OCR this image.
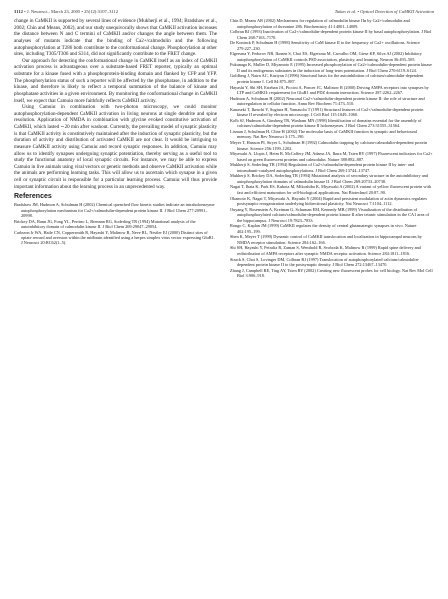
3112 • J. Neurosci., March 23, 2005 • 25(12):3107–3112	Takao et al. • Optical Detection of CaMKII Activation

change in CaMKII is supported by several lines of evidence (Mukherji et al., 1994; Bradshaw et al., 2002; Chin and Means, 2002), and our study unequivocally shows that CaMKII activation increases the distance between N and C termini of CaMKII and/or changes the angle between them. The analyses of mutants indicate that the binding of Ca2+/calmodulin and the following autophosphorylation at T286 both contribute to the conformational change. Phosphorylation at other sites, including T305/T306 and S314, did not significantly contribute to the FRET change.

Our approach for detecting the conformational change in CaMKII itself as an index of CaMKII activation process is advantageous over a substrate-based FRET reporter, typically an optimal substrate for a kinase fused with a phosphoprotein-binding domain and flanked by CFP and YFP. The phosphorylation status of such a reporter will be affected by the phosphatase, in addition to the kinase, and therefore is likely to reflect a temporal summation of the balance of kinase and phosphatase activities in a given environment. By monitoring the conformational change in CaMKII itself, we expect that Camuiα more faithfully reflects CaMKII activity.

Using Camuiα in combination with two-photon microscopy, we could monitor autophosphorylation-dependent CaMKII activation in living neurons at single dendrite and spine resolution. Application of NMDA in combination with glycine evoked constitutive activation of CaMKII, which lasted ∼20 min after washout. Currently, the prevailing model of synaptic plasticity is that CaMKII activity is constitutively maintained after the induction of synaptic plasticity, but the duration of activity and distribution of activated CaMKII are not clear. It would be intriguing to measure CaMKII activity using Camuiα and record synaptic responses. In addition, Camuiα may allow us to identify synapses undergoing synaptic potentiation, thereby serving as a useful tool to study the functional anatomy of local synaptic circuits. For instance, we may be able to express Camuiα in live animals using viral vectors or genetic methods and observe CaMKII activation while the animals are performing learning tasks. This will allow us to ascertain which synapse in a given cell or synaptic circuit is responsible for a particular learning process. Camuiα will thus provide important information about the learning process in an unprecedented way.

References

Bradshaw JM, Hudmon A, Schulman H (2002) Chemical quenched flow kinetic studies indicate an intraholoenzyme autophosphorylation mechanism for Ca2+/calmodulin-dependent protein kinase II. J Biol Chem 277:20991–20998.

Brickey DA, Bann JG, Fong YL, Perrino L, Brennan RG, Soderling TR (1994) Mutational analysis of the autoinhibitory domain of calmodulin kinase II. J Biol Chem 269:29047–29054.

Carlezon Jr WA, Haile CN, Coppersmith R, Hayashi Y, Malinow R, Neve RL, Nestler EJ (2000) Distinct sites of opiate reward and aversion within the midbrain identified using a herpes simplex virus vector expressing GluR1. J Neurosci 20:RC62(1–5).

Chin D, Means AR (2002) Mechanisms for regulation of calmodulin kinase IIα by Ca2+/calmodulin and autophosphorylation of threonine 286. Biochemistry 41:14001–14009.

Colbran RJ (1993) Inactivation of Ca2+/calmodulin-dependent protein kinase II by basal autophosphorylation. J Biol Chem 268:7163–7170.

De Koninck P, Schulman H (1998) Sensitivity of CaM kinase II to the frequency of Ca2+ oscillations. Science 279:227–230.

Elgersma Y, Fedorov NB, Ikonen S, Choi ES, Elgersma M, Carvalho OM, Giese KP, Silva AJ (2002) Inhibitory autophosphorylation of CaMKII controls PSD association, plasticity, and learning. Neuron 36:493–505.

Fukunaga K, Muller D, Miyamoto E (1995) Increased phosphorylation of Ca2+/calmodulin-dependent protein kinase II and its endogenous substrates in the induction of long-term potentiation. J Biol Chem 270:6119–6124.

Goldberg J, Nairn AC, Kuriyan J (1996) Structural basis for the autoinhibition of calcium/calmodulin-dependent protein kinase I. Cell 84:875–887.

Hayashi Y, Shi SH, Esteban JA, Piccini A, Poncer JC, Malinow R (2000) Driving AMPA receptors into synapses by LTP and CaMKII: requirement for GluR1 and PDZ domain interaction. Science 287:2262–2267.

Hudmon A, Schulman H (2002) Neuronal Ca2+/calmodulin-dependent protein kinase II: the role of structure and autoregulation in cellular function. Annu Rev Biochem 71:473–510.

Kanaseki T, Ikeuchi Y, Sugiura H, Yamauchi T (1991) Structural features of Ca2+/calmodulin-dependent protein kinase II revealed by electron microscopy. J Cell Biol 115:1049–1060.

Kolb SJ, Hudmon A, Ginsberg TR, Waxham MN (1998) Identification of domains essential for the assembly of calcium/calmodulin-dependent protein kinase II holoenzymes. J Biol Chem 273:31555–31564.

Lisman J, Schulman H, Cline H (2002) The molecular basis of CaMKII function in synaptic and behavioural memory. Nat Rev Neurosci 3:175–190.

Meyer T, Hanson PI, Stryer L, Schulman H (1992) Calmodulin trapping by calcium-calmodulin-dependent protein kinase. Science 256:1199–1202.

Miyawaki A, Llopis J, Heim R, McCaffery JM, Adams JA, Ikura M, Tsien RY (1997) Fluorescent indicators for Ca2+ based on green fluorescent proteins and calmodulin. Nature 388:882–887.

Mukherji S, Soderling TR (1994) Regulation of Ca2+/calmodulin-dependent protein kinase II by inter- and intrasubunit-catalyzed autophosphorylations. J Biol Chem 269:13744–13747.

Mukherji S, Brickey DA, Soderling TR (1994) Mutational analysis of secondary structure in the autoinhibitory and autophosphorylation domains of calmodulin kinase II. J Biol Chem 269:20733–20738.

Nagai T, Ibata K, Park ES, Kubota M, Mikoshiba K, Miyawaki A (2002) A variant of yellow fluorescent protein with fast and efficient maturation for cell-biological applications. Nat Biotechnol 20:87–90.

Okamoto K, Nagai T, Miyawaki A, Hayashi Y (2004) Rapid and persistent modulation of actin dynamics regulates postsynaptic reorganization underlying bidirectional plasticity. Nat Neurosci 7:1104–1112.

Ouyang Y, Rosenstein A, Kreiman G, Schuman EM, Kennedy MB (1999) Visualization of the distribution of autophosphorylated calcium/calmodulin-dependent protein kinase II after tetanic stimulation in the CA1 area of the hippocampus. J Neurosci 19:7823–7833.

Rongo C, Kaplan JM (1999) CaMKII regulates the density of central glutamatergic synapses in vivo. Nature 402:195–199.

Shen K, Meyer T (1999) Dynamic control of CaMKII translocation and localization in hippocampal neurons by NMDA receptor stimulation. Science 284:162–166.

Shi SH, Hayashi Y, Petralia R, Zaman S, Wenthold R, Svoboda K, Malinow R (1999) Rapid spine delivery and redistribution of AMPA receptors after synaptic NMDA receptor activation. Science 284:1811–1816.

Strack S, Choi S, Lovinger DM, Colbran RJ (1997) Translocation of autophosphorylated calcium/calmodulin-dependent protein kinase II to the postsynaptic density. J Biol Chem 272:13467–13470.

Zhang J, Campbell RE, Ting AY, Tsien RY (2002) Creating new fluorescent probes for cell biology. Nat Rev Mol Cell Biol 3:906–918.
